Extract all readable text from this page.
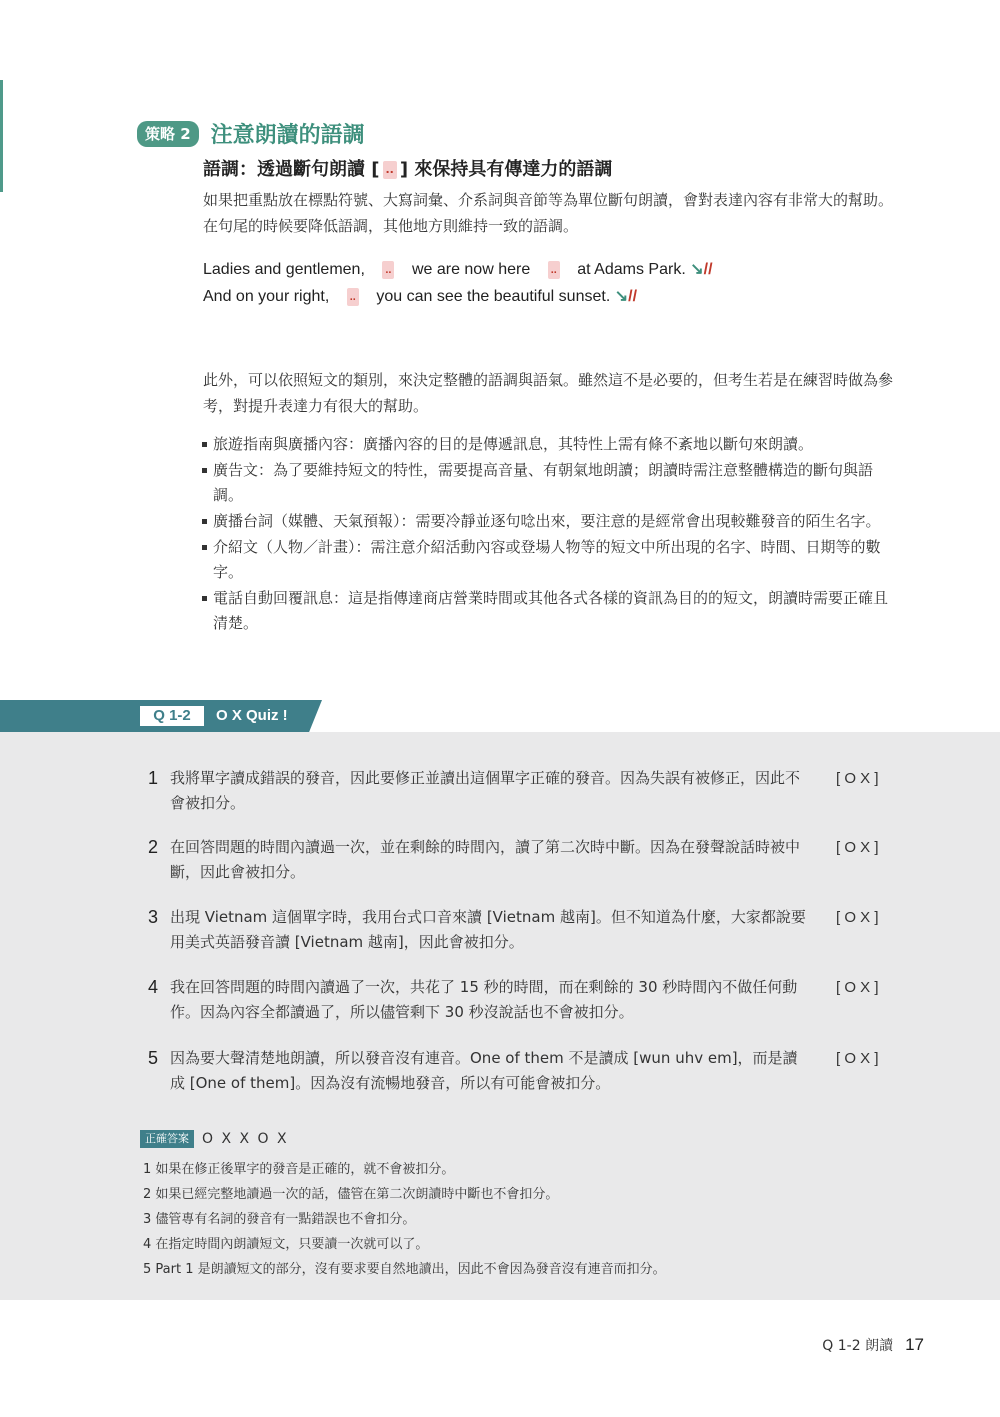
策略 2 注意朗讀的語調
語調：透過斷句朗讀 [ .. ] 來保持具有傳達力的語調

如果把重點放在標點符號、大寫詞彙、介系詞與音節等為單位斷句朗讀，會對表達內容有非常大的幫助。在句尾的時候要降低語調，其他地方則維持一致的語調。

Ladies and gentlemen, .. we are now here .. at Adams Park. ↘//
And on your right, .. you can see the beautiful sunset. ↘//

此外，可以依照短文的類別，來決定整體的語調與語氣。雖然這不是必要的，但考生若是在練習時做為參考，對提升表達力有很大的幫助。

旅遊指南與廣播內容：廣播內容的目的是傳遞訊息，其特性上需有條不紊地以斷句來朗讀。
廣告文：為了要維持短文的特性，需要提高音量、有朝氣地朗讀；朗讀時需注意整體構造的斷句與語調。
廣播台詞（媒體、天氣預報）：需要冷靜並逐句唸出來，要注意的是經常會出現較難發音的陌生名字。
介紹文（人物／計畫）：需注意介紹活動內容或登場人物等的短文中所出現的名字、時間、日期等的數字。
電話自動回覆訊息：這是指傳達商店營業時間或其他各式各樣的資訊為目的的短文，朗讀時需要正確且清楚。
Q 1-2	O X Quiz !
1 我將單字讀成錯誤的發音，因此要修正並讀出這個單字正確的發音。因為失誤有被修正，因此不會被扣分。

[ O X ]
2 在回答問題的時間內讀過一次，並在剩餘的時間內，讀了第二次時中斷。因為在發聲說話時被中斷，因此會被扣分。

[ O X ]
3 出現 Vietnam 這個單字時，我用台式口音來讀 [Vietnam 越南]。但不知道為什麼，大家都說要用美式英語發音讀 [Vietnam 越南]，因此會被扣分。

[ O X ]
4 我在回答問題的時間內讀過了一次，共花了 15 秒的時間，而在剩餘的 30 秒時間內不做任何動作。因為內容全都讀過了，所以儘管剩下 30 秒沒說話也不會被扣分。

[ O X ]
5 因為要大聲清楚地朗讀，所以發音沒有連音。One of them 不是讀成 [wun uhv em]，而是讀成 [One of them]。因為沒有流暢地發音，所以有可能會被扣分。

[ O X ]
正確答案 O X X O X
1 如果在修正後單字的發音是正確的，就不會被扣分。
2 如果已經完整地讀過一次的話，儘管在第二次朗讀時中斷也不會扣分。
3 儘管專有名詞的發音有一點錯誤也不會扣分。
4 在指定時間內朗讀短文，只要讀一次就可以了。
5 Part 1 是朗讀短文的部分，沒有要求要自然地讀出，因此不會因為發音沒有連音而扣分。
Q 1-2 朗讀 17
